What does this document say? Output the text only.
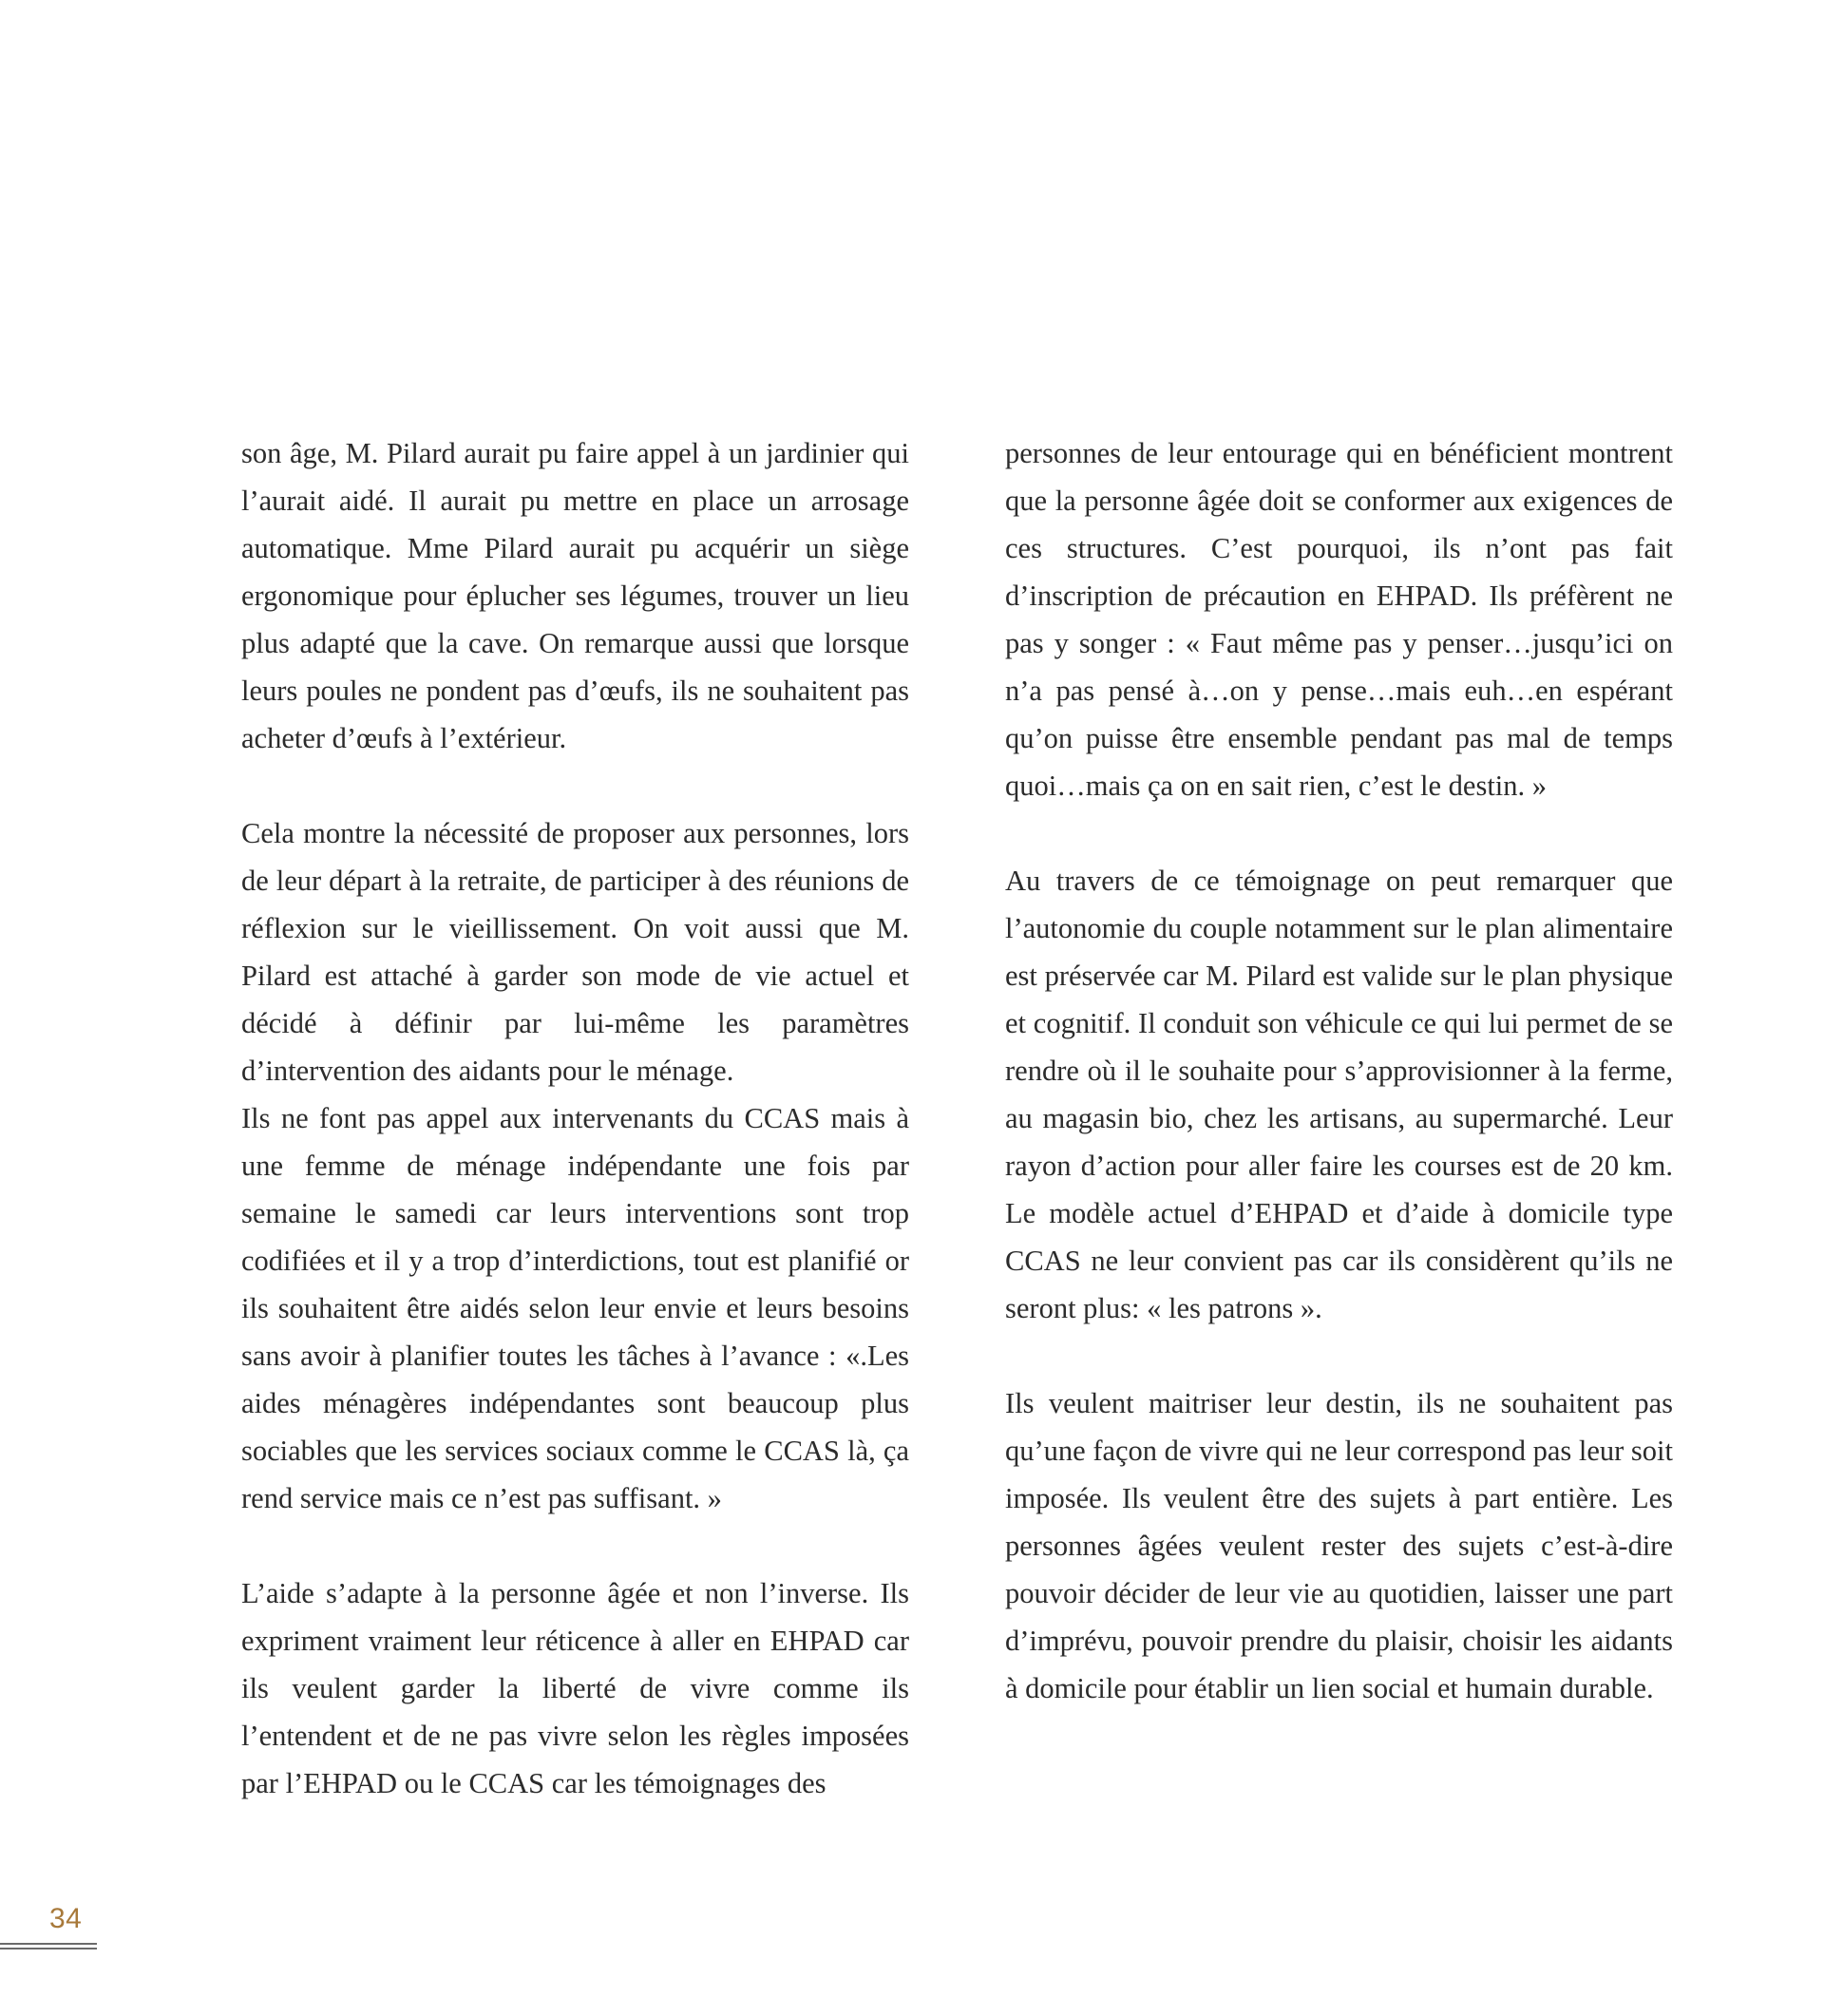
son âge, M. Pilard aurait pu faire appel à un jardinier qui l’aurait aidé. Il aurait pu mettre en place un arrosage automatique. Mme Pilard aurait pu acquérir un siège ergonomique pour éplucher ses légumes, trouver un lieu plus adapté que la cave. On remarque aussi que lorsque leurs poules ne pondent pas d’œufs, ils ne souhaitent pas acheter d’œufs à l’extérieur.

Cela montre la nécessité de proposer aux personnes, lors de leur départ à la retraite, de participer à des réunions de réflexion sur le vieillissement. On voit aussi que M. Pilard est attaché à garder son mode de vie actuel et décidé à définir par lui-même les paramètres d’intervention des aidants pour le ménage.

Ils ne font pas appel aux intervenants du CCAS mais à une femme de ménage indépendante une fois par semaine le samedi car leurs interventions sont trop codifiées et il y a trop d’interdictions, tout est planifié or ils souhaitent être aidés selon leur envie et leurs besoins sans avoir à planifier toutes les tâches à l’avance : «.Les aides ménagères indépendantes sont beaucoup plus sociables que les services sociaux comme le CCAS là, ça rend service mais ce n’est pas suffisant. »

L’aide s’adapte à la personne âgée et non l’inverse. Ils expriment vraiment leur réticence à aller en EHPAD car ils veulent garder la liberté de vivre comme ils l’entendent et de ne pas vivre selon les règles imposées par l’EHPAD ou le CCAS car les témoignages des

personnes de leur entourage qui en bénéficient montrent que la personne âgée doit se conformer aux exigences de ces structures. C’est pourquoi, ils n’ont pas fait d’inscription de précaution en EHPAD. Ils préfèrent ne pas y songer : « Faut même pas y penser…jusqu’ici on n’a pas pensé à…on y pense…mais euh…en espérant qu’on puisse être ensemble pendant pas mal de temps quoi…mais ça on en sait rien, c’est le destin. »

Au travers de ce témoignage on peut remarquer que l’autonomie du couple notamment sur le plan alimentaire est préservée car M. Pilard est valide sur le plan physique et cognitif. Il conduit son véhicule ce qui lui permet de se rendre où il le souhaite pour s’approvisionner à la ferme, au magasin bio, chez les artisans, au supermarché. Leur rayon d’action pour aller faire les courses est de 20 km. Le modèle actuel d’EHPAD et d’aide à domicile type CCAS ne leur convient pas car ils considèrent qu’ils ne seront plus: « les patrons ».

Ils veulent maitriser leur destin, ils ne souhaitent pas qu’une façon de vivre qui ne leur correspond pas leur soit imposée. Ils veulent être des sujets à part entière. Les personnes âgées veulent rester des sujets c’est-à-dire pouvoir décider de leur vie au quotidien, laisser une part d’imprévu, pouvoir prendre du plaisir, choisir les aidants à domicile pour établir un lien social et humain durable.

34
